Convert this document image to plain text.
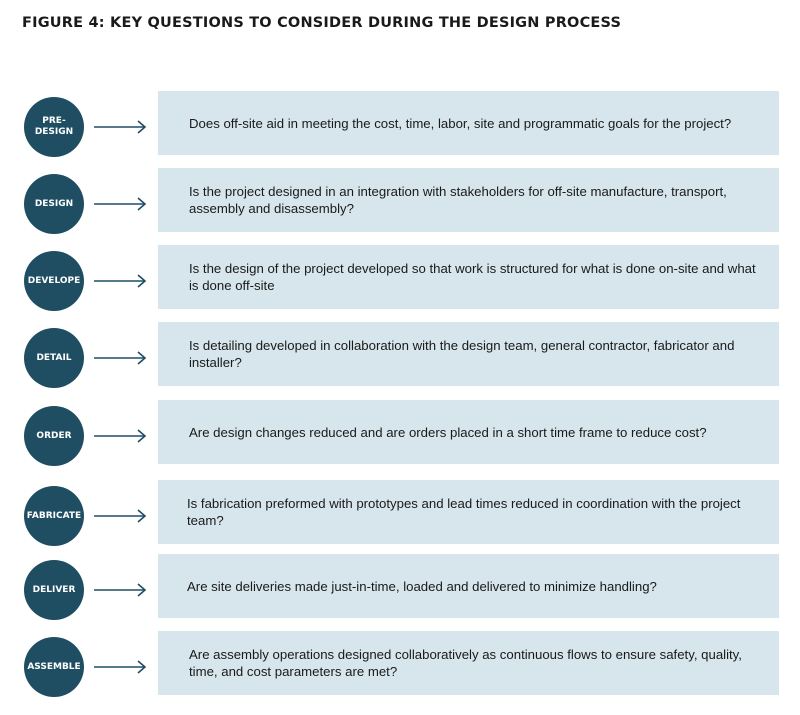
FIGURE 4: KEY QUESTIONS TO CONSIDER DURING THE DESIGN PROCESS
PRE-
DESIGN
Does off-site aid in meeting the cost, time, labor, site and programmatic goals for the project?
DESIGN
Is the project designed in an integration with stakeholders for off-site manufacture, transport, assembly and disassembly?
DEVELOPE
Is the design of the project developed so that work is structured for what is done on-site and what is done off-site
DETAIL
Is detailing developed in collaboration with the design team, general contractor, fabricator and installer?
ORDER	Are design changes reduced and are orders placed in a short time frame to reduce cost?
FABRICATE
Is fabrication preformed with prototypes and lead times reduced in coordination with the project team?
DELIVER	Are site deliveries made just-in-time, loaded and delivered to minimize handling?
ASSEMBLE
Are assembly operations designed collaboratively as continuous flows to ensure safety, quality, time, and cost parameters are met?
